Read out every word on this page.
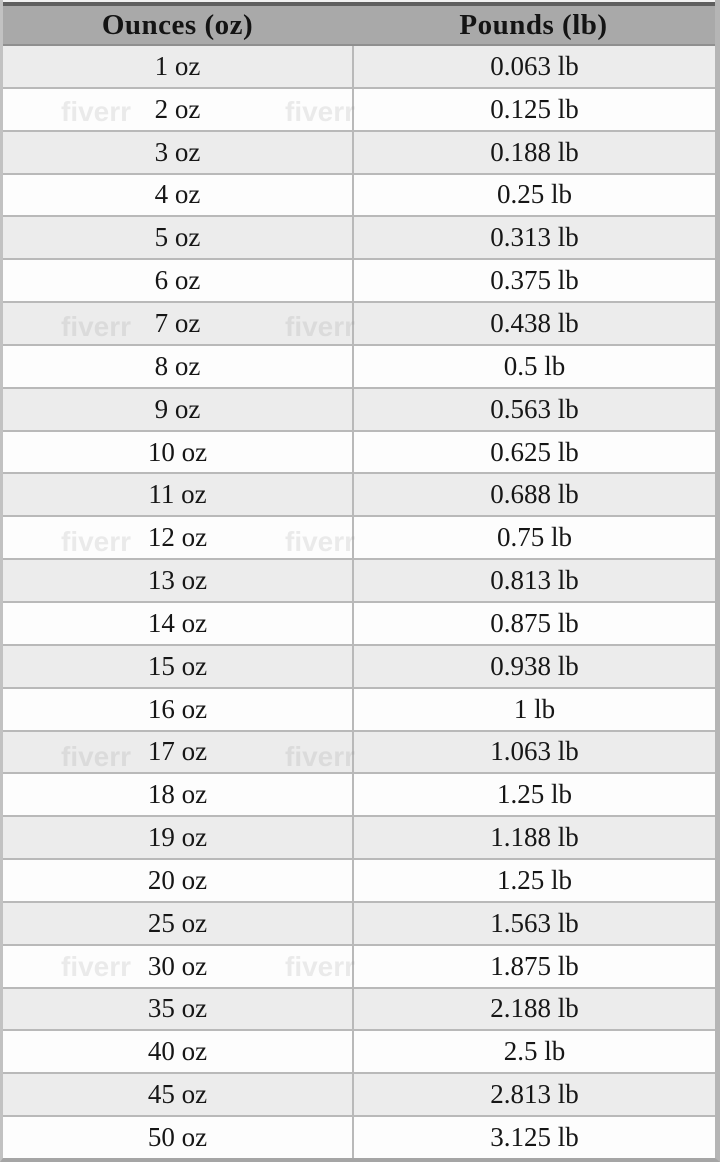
Ounces (oz)	Pounds (lb)
1 oz	0.063 lb
2 oz	0.125 lb
3 oz	0.188 lb
4 oz	0.25 lb
5 oz	0.313 lb
6 oz	0.375 lb
7 oz	0.438 lb
8 oz	0.5 lb
9 oz	0.563 lb
10 oz	0.625 lb
11 oz	0.688 lb
12 oz	0.75 lb
13 oz	0.813 lb
14 oz	0.875 lb
15 oz	0.938 lb
16 oz	1 lb
17 oz	1.063 lb
18 oz	1.25 lb
19 oz	1.188 lb
20 oz	1.25 lb
25 oz	1.563 lb
30 oz	1.875 lb
35 oz	2.188 lb
40 oz	2.5 lb
45 oz	2.813 lb
50 oz	3.125 lb
